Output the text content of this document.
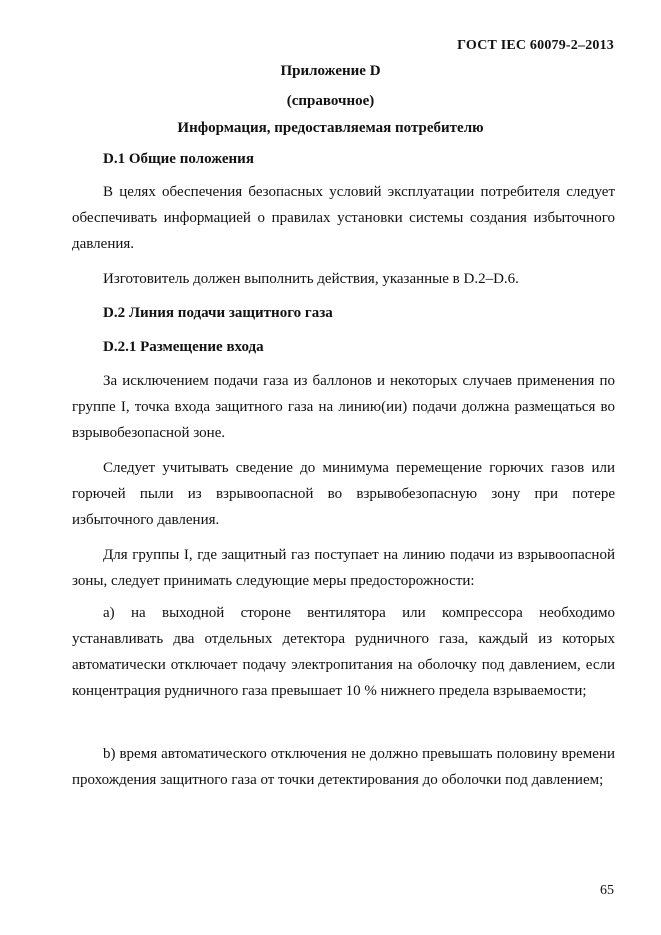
ГОСТ IEC 60079-2–2013
Приложение D
(справочное)
Информация, предоставляемая потребителю
D.1 Общие положения

В целях обеспечения безопасных условий эксплуатации потребителя следует обеспечивать информацией о правилах установки системы создания избыточного давления.

Изготовитель должен выполнить действия, указанные в D.2–D.6.

D.2 Линия подачи защитного газа
D.2.1 Размещение входа

За исключением подачи газа из баллонов и некоторых случаев применения по группе I, точка входа защитного газа на линию(ии) подачи должна размещаться во взрывобезопасной зоне.

Следует учитывать сведение до минимума перемещение горючих газов или горючей пыли из взрывоопасной во взрывобезопасную зону при потере избыточного давления.

Для группы I, где защитный газ поступает на линию подачи из взрывоопасной зоны, следует принимать следующие меры предосторожности:

a) на выходной стороне вентилятора или компрессора необходимо устанавливать два отдельных детектора рудничного газа, каждый из которых автоматически отключает подачу электропитания на оболочку под давлением, если концентрация рудничного газа превышает 10 % нижнего предела взрываемости;

b) время автоматического отключения не должно превышать половину времени прохождения защитного газа от точки детектирования до оболочки под давлением;

65
